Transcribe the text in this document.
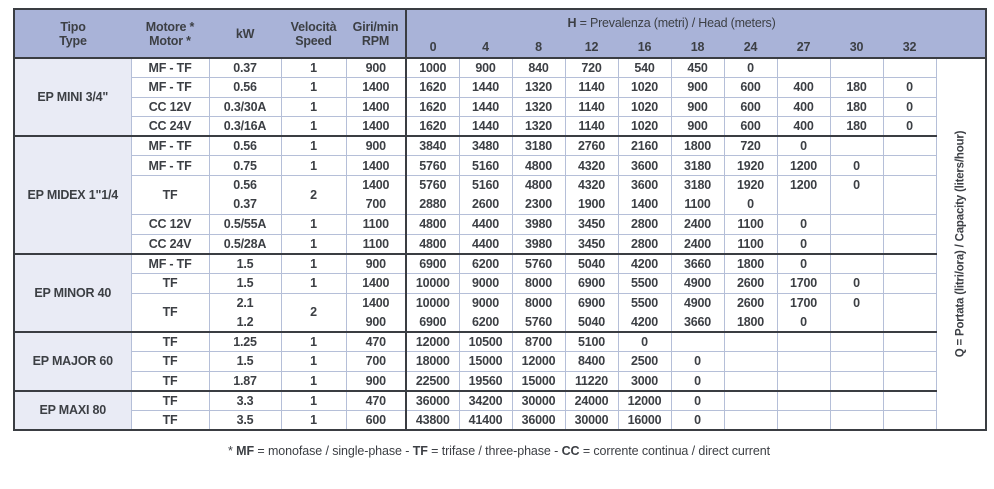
Tipo
Type

Motore *
Motor *	kW	Velocità
Speed

Giri/min
RPM
	H = Prevalenza (metri) / Head (meters)	
					0	4	8	12	16	18	24	27	30	32	
EP MINI 3/4"	MF - TF	0.37	1	900	1000	900	840	720	540	450	0				Q = Portata (litri/ora) / Capacity (liters/hour)

	MF - TF	0.56	1	1400	1620	1440	1320	1140	1020	900	600	400	180	0	
	CC 12V	0.3/30A	1	1400	1620	1440	1320	1140	1020	900	600	400	180	0	
	CC 24V	0.3/16A	1	1400	1620	1440	1320	1140	1020	900	600	400	180	0	
EP MIDEX 1"1/4	MF - TF	0.56	1	900	3840	3480	3180	2760	2160	1800	720	0			
	MF - TF	0.75	1	1400	5760	5160	4800	4320	3600	3180	1920	1200	0		
	TF	0.56	2	1400	5760	5160	4800	4320	3600	3180	1920	1200	0		
		0.37		700	2880	2600	2300	1900	1400	1100	0				
	CC 12V	0.5/55A	1	1100	4800	4400	3980	3450	2800	2400	1100	0			
	CC 24V	0.5/28A	1	1100	4800	4400	3980	3450	2800	2400	1100	0			
EP MINOR 40	MF - TF	1.5	1	900	6900	6200	5760	5040	4200	3660	1800	0			
	TF	1.5	1	1400	10000	9000	8000	6900	5500	4900	2600	1700	0		
	TF	2.1	2	1400	10000	9000	8000	6900	5500	4900	2600	1700	0		
		1.2		900	6900	6200	5760	5040	4200	3660	1800	0			
EP MAJOR 60	TF	1.25	1	470	12000	10500	8700	5100	0						
	TF	1.5	1	700	18000	15000	12000	8400	2500	0					
	TF	1.87	1	900	22500	19560	15000	11220	3000	0					
EP MAXI 80	TF	3.3	1	470	36000	34200	30000	24000	12000	0					
	TF	3.5	1	600	43800	41400	36000	30000	16000	0					
* MF = monofase / single-phase - TF = trifase / three-phase - CC = corrente continua / direct current
